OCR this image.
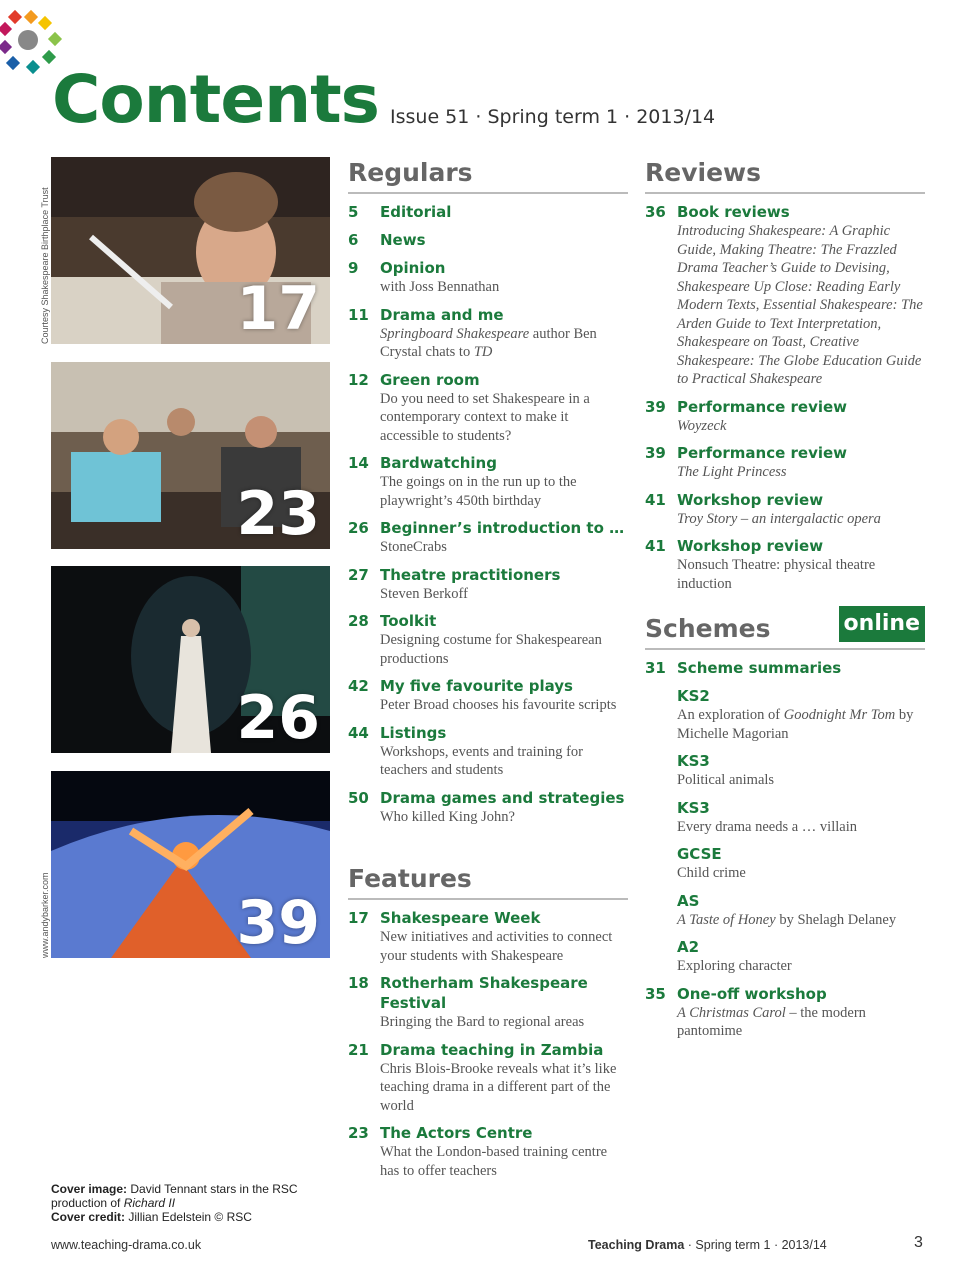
Contents Issue 51 · Spring term 1 · 2013/14
17
Courtesy Shakespeare Birthplace Trust
23
26
39
www.andybarker.com
Regulars
5	Editorial
6	News
9	Opinion
with Joss Bennathan
11 Drama and me
Springboard Shakespeare author Ben Crystal chats to TD
12 Green room
Do you need to set Shakespeare in a contemporary context to make it accessible to students?
14 Bardwatching
The goings on in the run up to the playwright’s 450th birthday
26 Beginner’s introduction to …
StoneCrabs
27 Theatre practitioners
Steven Berkoff
28 Toolkit
Designing costume for Shakespearean productions
42 My five favourite plays
Peter Broad chooses his favourite scripts
44 Listings
Workshops, events and training for teachers and students
50 Drama games and strategies
Who killed King John?
Features
17 Shakespeare Week
New initiatives and activities to connect your students with Shakespeare
18 Rotherham Shakespeare Festival
Bringing the Bard to regional areas
21 Drama teaching in Zambia
Chris Blois-Brooke reveals what it’s like teaching drama in a different part of the world
23 The Actors Centre
What the London-based training centre has to offer teachers
Reviews
36 Book reviews
Introducing Shakespeare: A Graphic Guide, Making Theatre: The Frazzled Drama Teacher’s Guide to Devising, Shakespeare Up Close: Reading Early Modern Texts, Essential Shakespeare: The Arden Guide to Text Interpretation, Shakespeare on Toast, Creative Shakespeare: The Globe Education Guide to Practical Shakespeare
39 Performance review
Woyzeck
39 Performance review
The Light Princess
41 Workshop review
Troy Story – an intergalactic opera
41 Workshop review
Nonsuch Theatre: physical theatre induction
Schemes	online
31 Scheme summaries
KS2
An exploration of Goodnight Mr Tom by Michelle Magorian
KS3
Political animals
KS3
Every drama needs a … villain
GCSE
Child crime
AS
A Taste of Honey by Shelagh Delaney
A2
Exploring character
35 One-off workshop
A Christmas Carol – the modern pantomime
Cover image: David Tennant stars in the RSC production of Richard II
Cover credit: Jillian Edelstein © RSC
www.teaching-drama.co.uk	Teaching Drama · Spring term 1 · 2013/14	3
